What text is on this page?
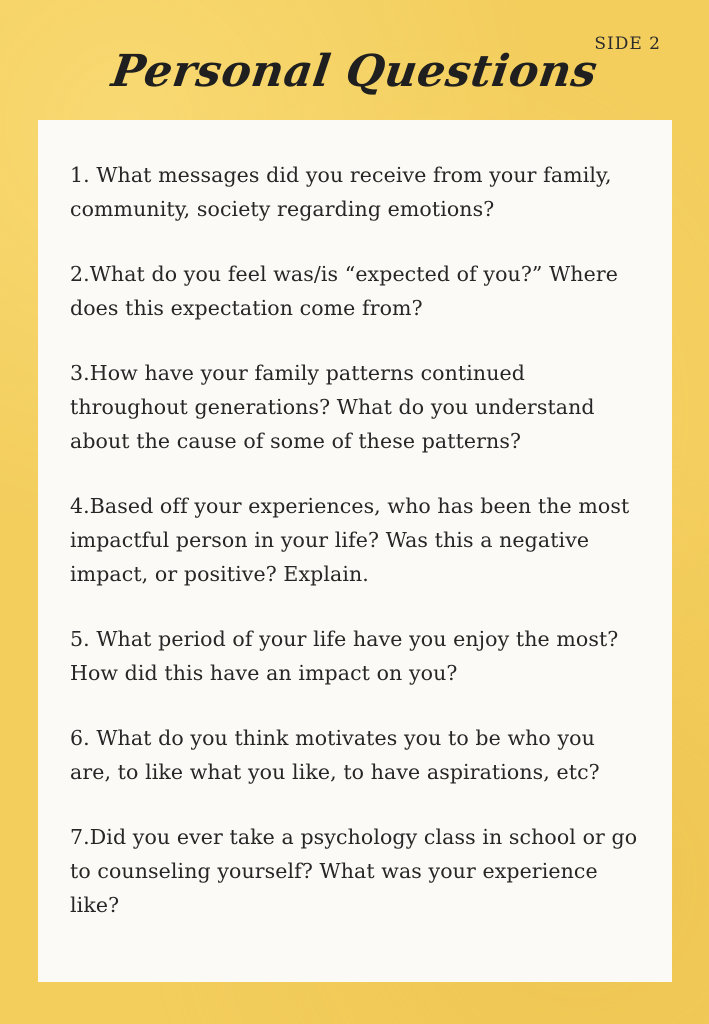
SIDE 2
Personal Questions

1. What messages did you receive from your family, community, society regarding emotions?

2.What do you feel was/is “expected of you?” Where does this expectation come from?

3.How have your family patterns continued throughout generations? What do you understand about the cause of some of these patterns?

4.Based off your experiences, who has been the most impactful person in your life? Was this a negative impact, or positive? Explain.

5. What period of your life have you enjoy the most? How did this have an impact on you?

6. What do you think motivates you to be who you are, to like what you like, to have aspirations, etc?

7.Did you ever take a psychology class in school or go to counseling yourself? What was your experience like?
